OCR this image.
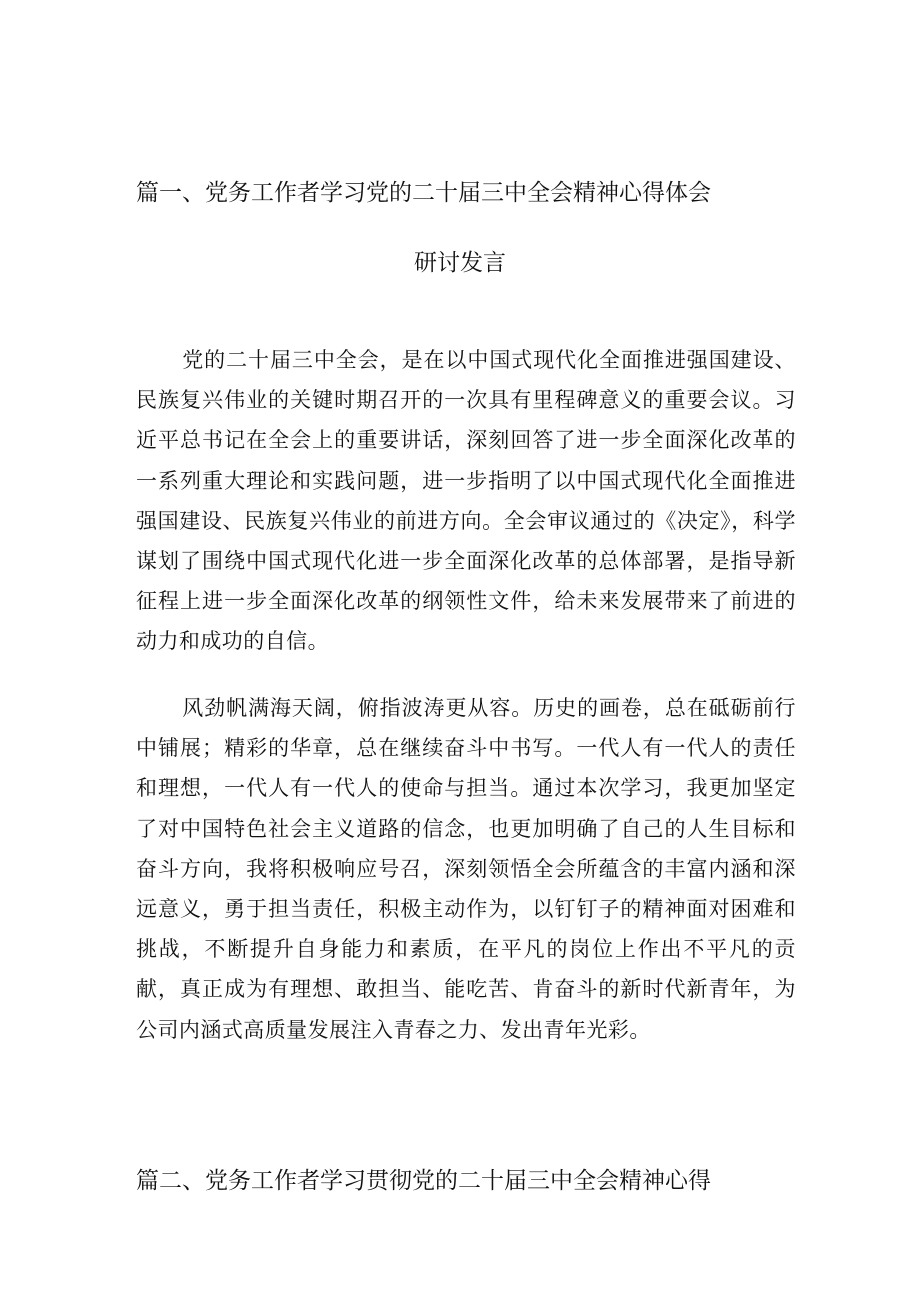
篇一、党务工作者学习党的二十届三中全会精神心得体会
研讨发言

党的二十届三中全会，是在以中国式现代化全面推进强国建设、民族复兴伟业的关键时期召开的一次具有里程碑意义的重要会议。习近平总书记在全会上的重要讲话，深刻回答了进一步全面深化改革的一系列重大理论和实践问题，进一步指明了以中国式现代化全面推进强国建设、民族复兴伟业的前进方向。全会审议通过的《决定》，科学谋划了围绕中国式现代化进一步全面深化改革的总体部署，是指导新征程上进一步全面深化改革的纲领性文件，给未来发展带来了前进的动力和成功的自信。

风劲帆满海天阔，俯指波涛更从容。历史的画卷，总在砥砺前行中铺展；精彩的华章，总在继续奋斗中书写。一代人有一代人的责任和理想，一代人有一代人的使命与担当。通过本次学习，我更加坚定了对中国特色社会主义道路的信念，也更加明确了自己的人生目标和奋斗方向，我将积极响应号召，深刻领悟全会所蕴含的丰富内涵和深远意义，勇于担当责任，积极主动作为，以钉钉子的精神面对困难和挑战，不断提升自身能力和素质，在平凡的岗位上作出不平凡的贡献，真正成为有理想、敢担当、能吃苦、肯奋斗的新时代新青年，为公司内涵式高质量发展注入青春之力、发出青年光彩。

篇二、党务工作者学习贯彻党的二十届三中全会精神心得
